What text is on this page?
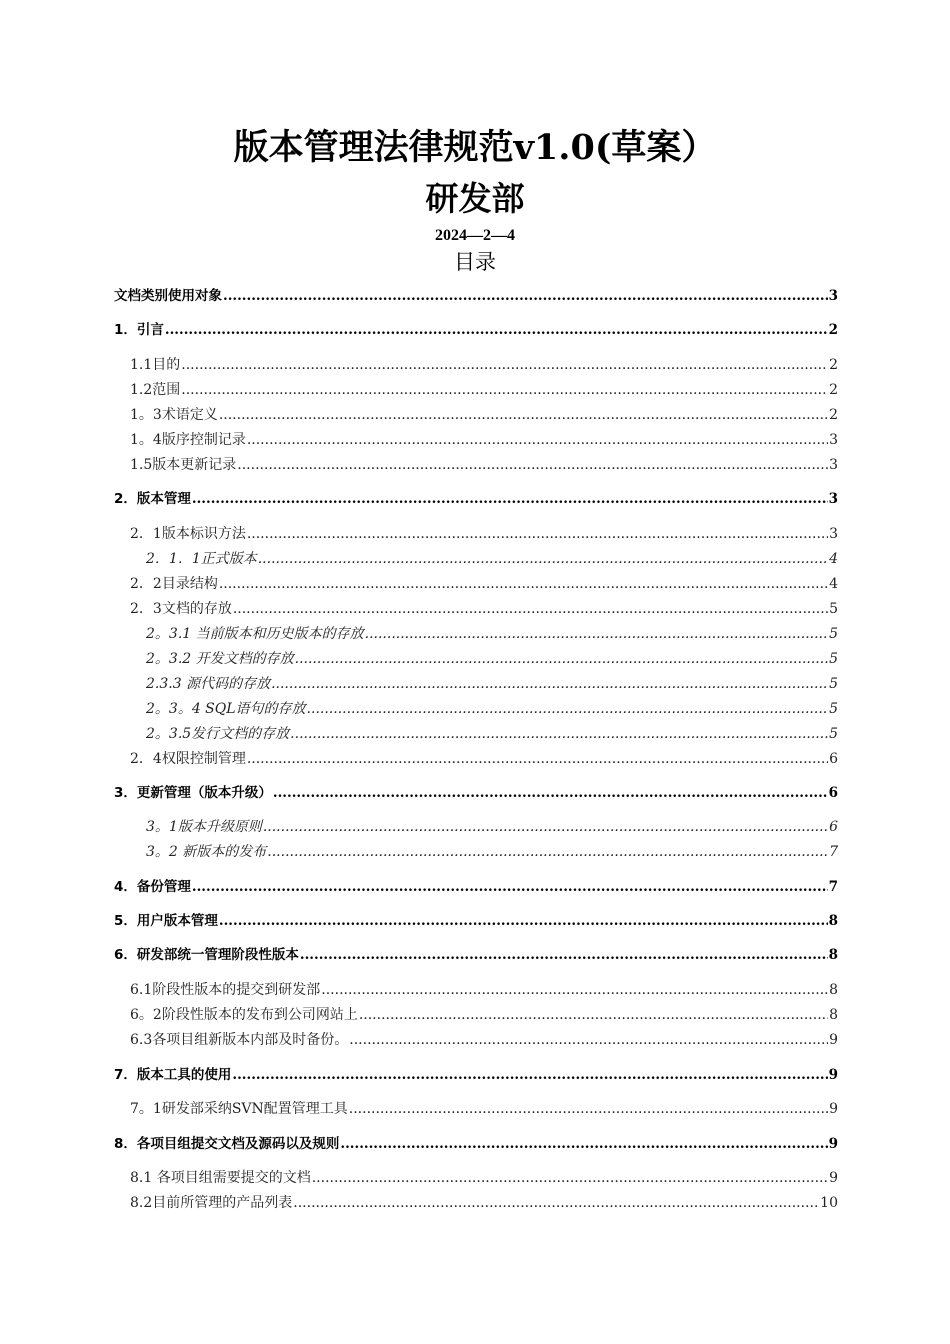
版本管理法律规范v1.0(草案）
研发部
2024—2—4
目录
文档类别使用对象 .....	3
1．引言 .....	2
1.1目的 .....	2
1.2范围 .....	2
1。3术语定义 .....	2
1。4版序控制记录 .....	3
1.5版本更新记录 .....	3
2．版本管理 .....	3
2．1版本标识方法 .....	3
2．1．1正式版本 .....	4
2．2目录结构 .....	4
2．3文档的存放 .....	5
2。3.1 当前版本和历史版本的存放 .....	5
2。3.2 开发文档的存放 .....	5
2.3.3 源代码的存放 .....	5
2。3。4 SQL语句的存放 .....	5
2。3.5发行文档的存放 .....	5
2．4权限控制管理 .....	6
3．更新管理（版本升级） .....	6
3。1版本升级原则 .....	6
3。2 新版本的发布 .....	7
4．备份管理 .....	7
5．用户版本管理 .....	8
6．研发部统一管理阶段性版本 .....	8
6.1阶段性版本的提交到研发部 .....	8
6。2阶段性版本的发布到公司网站上 .....	8
6.3各项目组新版本内部及时备份。 .....	9
7．版本工具的使用 .....	9
7。1研发部采纳SVN配置管理工具 .....	9
8．各项目组提交文档及源码以及规则 .....	9
8.1 各项目组需要提交的文档 .....	9
8.2目前所管理的产品列表 .....	10
